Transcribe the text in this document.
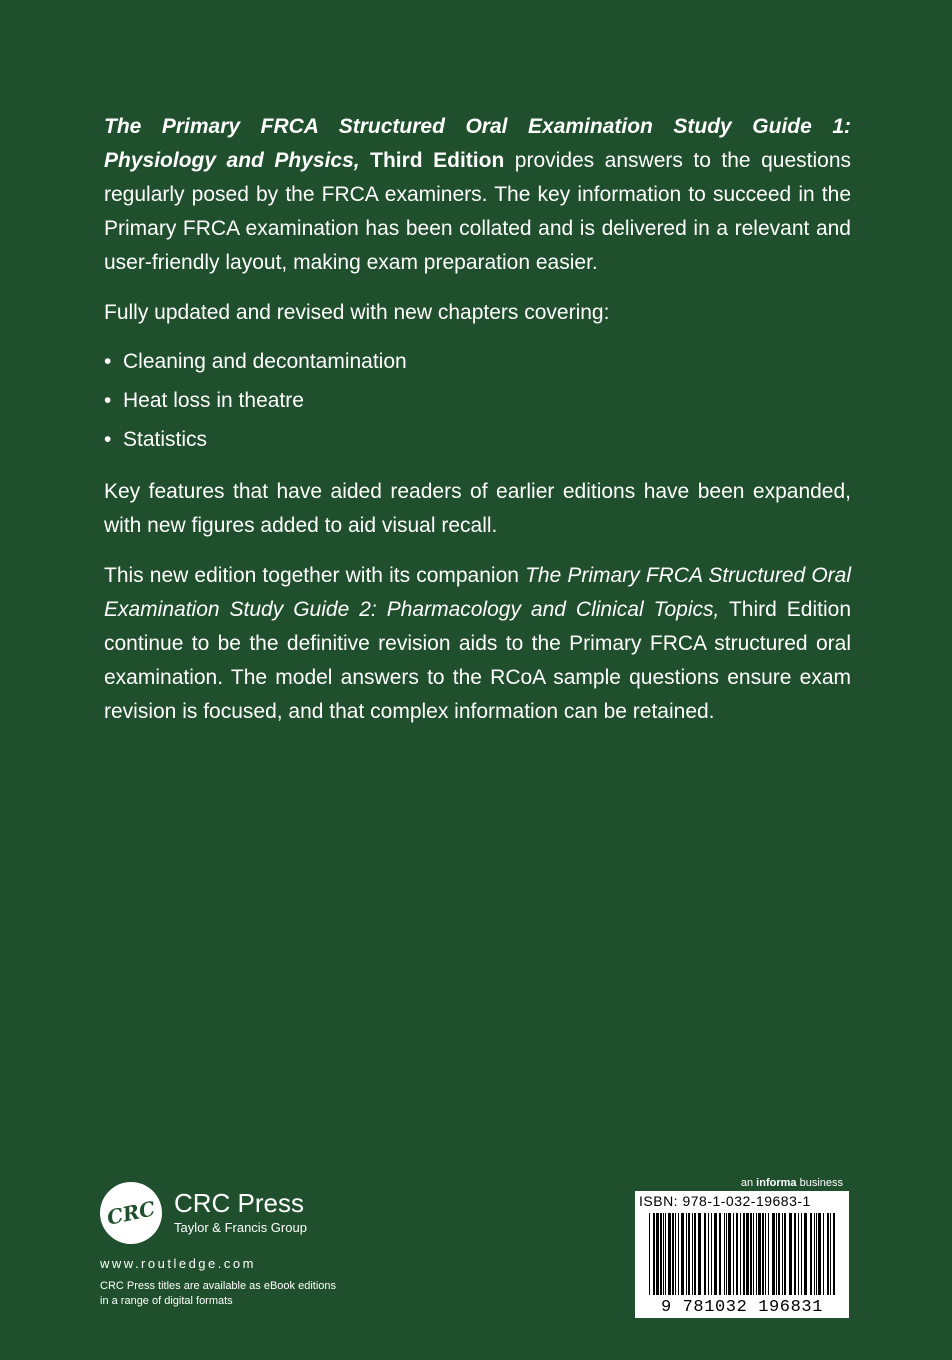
The Primary FRCA Structured Oral Examination Study Guide 1: Physiology and Physics, Third Edition provides answers to the questions regularly posed by the FRCA examiners. The key information to succeed in the Primary FRCA examination has been collated and is delivered in a relevant and user-friendly layout, making exam preparation easier.

Fully updated and revised with new chapters covering:

• Cleaning and decontamination
• Heat loss in theatre
• Statistics

Key features that have aided readers of earlier editions have been expanded, with new figures added to aid visual recall.

This new edition together with its companion The Primary FRCA Structured Oral Examination Study Guide 2: Pharmacology and Clinical Topics, Third Edition continue to be the definitive revision aids to the Primary FRCA structured oral examination. The model answers to the RCoA sample questions ensure exam revision is focused, and that complex information can be retained.

CRC CRC Press
Taylor & Francis Group
www.routledge.com
CRC Press titles are available as eBook editions
in a range of digital formats
an informa business
ISBN: 978-1-032-19683-1
9 781032 196831
